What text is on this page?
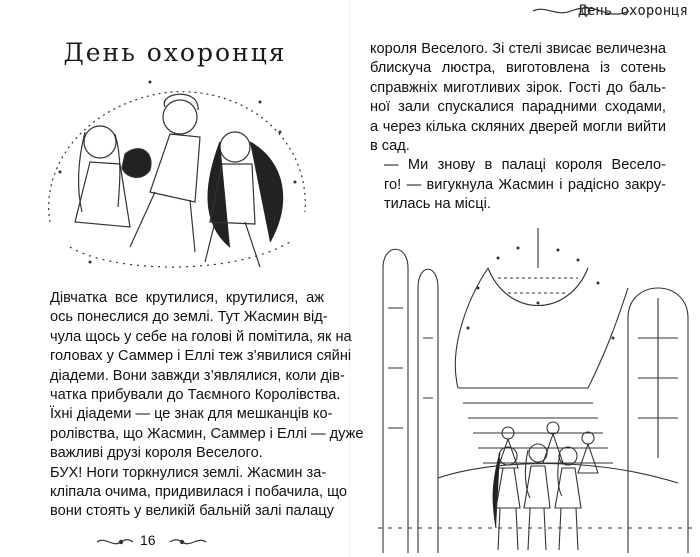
День охоронця

Дівчатка все крутилися, крутилися, аж
ось понеслися до землі. Тут Жасмин від-
чула щось у себе на голові й помітила, як на
головах у Саммер і Еллі теж з’явилися сяйні
діадеми. Вони завжди з’являлися, коли дів-
чатка прибували до Таємного Королівства.
Їхні діадеми — це знак для мешканців ко-
ролівства, що Жасмин, Саммер і Еллі — дуже
важливі друзі короля Веселого.

БУХ! Ноги торкнулися землі. Жасмин за-
кліпала очима, придивилася і побачила, що
вони стоять у великій бальній залі палацу

16
День охоронця

короля Веселого. Зі стелі звисає величезна
блискуча люстра, виготовлена із сотень
справжніх миготливих зірок. Гості до баль-
ної зали спускалися парадними сходами,
а через кілька скляних дверей могли вийти
в сад.

— Ми знову в палаці короля Весело-
го! — вигукнула Жасмин і радісно закру-
тилась на місці.
